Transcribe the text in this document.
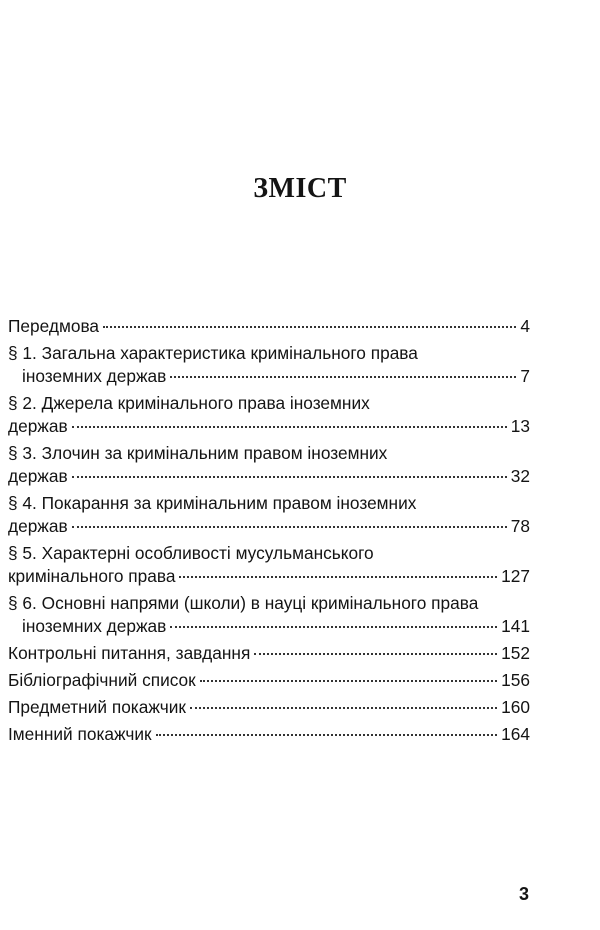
ЗМІСТ
Передмова	4
§ 1. Загальна характеристика кримінального права
іноземних держав	7
§ 2. Джерела кримінального права іноземних
держав	13
§ 3. Злочин за кримінальним правом іноземних
держав	32
§ 4. Покарання за кримінальним правом іноземних
держав	78
§ 5. Характерні особливості мусульманського
кримінального права	127
§ 6. Основні напрями (школи) в науці кримінального права
іноземних держав	141
Контрольні питання, завдання	152
Бібліографічний список	156
Предметний покажчик	160
Іменний покажчик	164
3
